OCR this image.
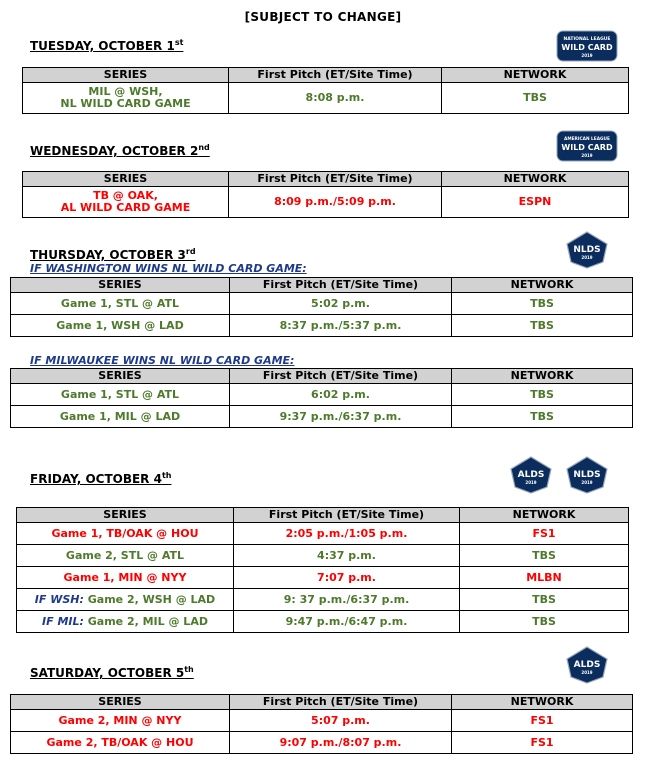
[SUBJECT TO CHANGE]
TUESDAY, OCTOBER 1st	NATIONAL LEAGUE
WILD CARD
2019
SERIES	First Pitch (ET/Site Time)	NETWORK
MIL @ WSH,
NL WILD CARD GAME	8:08 p.m.	TBS
WEDNESDAY, OCTOBER 2nd
AMERICAN LEAGUE
WILD CARD
2019
SERIES	First Pitch (ET/Site Time)	NETWORK
TB @ OAK,
AL WILD CARD GAME	8:09 p.m./5:09 p.m.	ESPN
THURSDAY, OCTOBER 3rd	NLDS
2019
IF WASHINGTON WINS NL WILD CARD GAME:
SERIES	First Pitch (ET/Site Time)	NETWORK
Game 1, STL @ ATL	5:02 p.m.	TBS
Game 1, WSH @ LAD	8:37 p.m./5:37 p.m.	TBS
IF MILWAUKEE WINS NL WILD CARD GAME:
SERIES	First Pitch (ET/Site Time)	NETWORK
Game 1, STL @ ATL	6:02 p.m.	TBS
Game 1, MIL @ LAD	9:37 p.m./6:37 p.m.	TBS
FRIDAY, OCTOBER 4th	ALDS
2019
NLDS
2019
SERIES	First Pitch (ET/Site Time)	NETWORK
Game 1, TB/OAK @ HOU	2:05 p.m./1:05 p.m.	FS1
Game 2, STL @ ATL	4:37 p.m.	TBS
Game 1, MIN @ NYY	7:07 p.m.	MLBN
IF WSH: Game 2, WSH @ LAD	9: 37 p.m./6:37 p.m.	TBS
IF MIL: Game 2, MIL @ LAD	9:47 p.m./6:47 p.m.	TBS
SATURDAY, OCTOBER 5th	ALDS
2019
SERIES	First Pitch (ET/Site Time)	NETWORK
Game 2, MIN @ NYY	5:07 p.m.	FS1
Game 2, TB/OAK @ HOU	9:07 p.m./8:07 p.m.	FS1
